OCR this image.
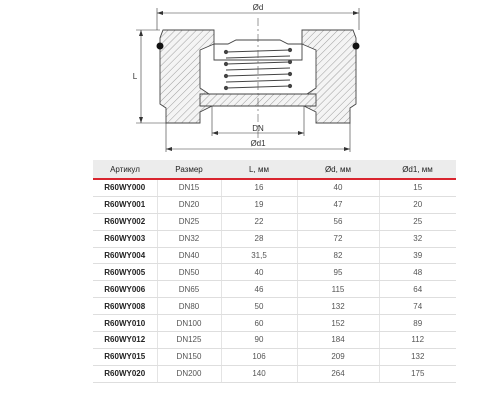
Ød
L
DN
Ød1
Артикул	Размер	L, мм	Ød, мм	Ød1, мм
R60WY000	DN15	16	40	15
R60WY001	DN20	19	47	20
R60WY002	DN25	22	56	25
R60WY003	DN32	28	72	32
R60WY004	DN40	31,5	82	39
R60WY005	DN50	40	95	48
R60WY006	DN65	46	115	64
R60WY008	DN80	50	132	74
R60WY010	DN100	60	152	89
R60WY012	DN125	90	184	112
R60WY015	DN150	106	209	132
R60WY020	DN200	140	264	175
